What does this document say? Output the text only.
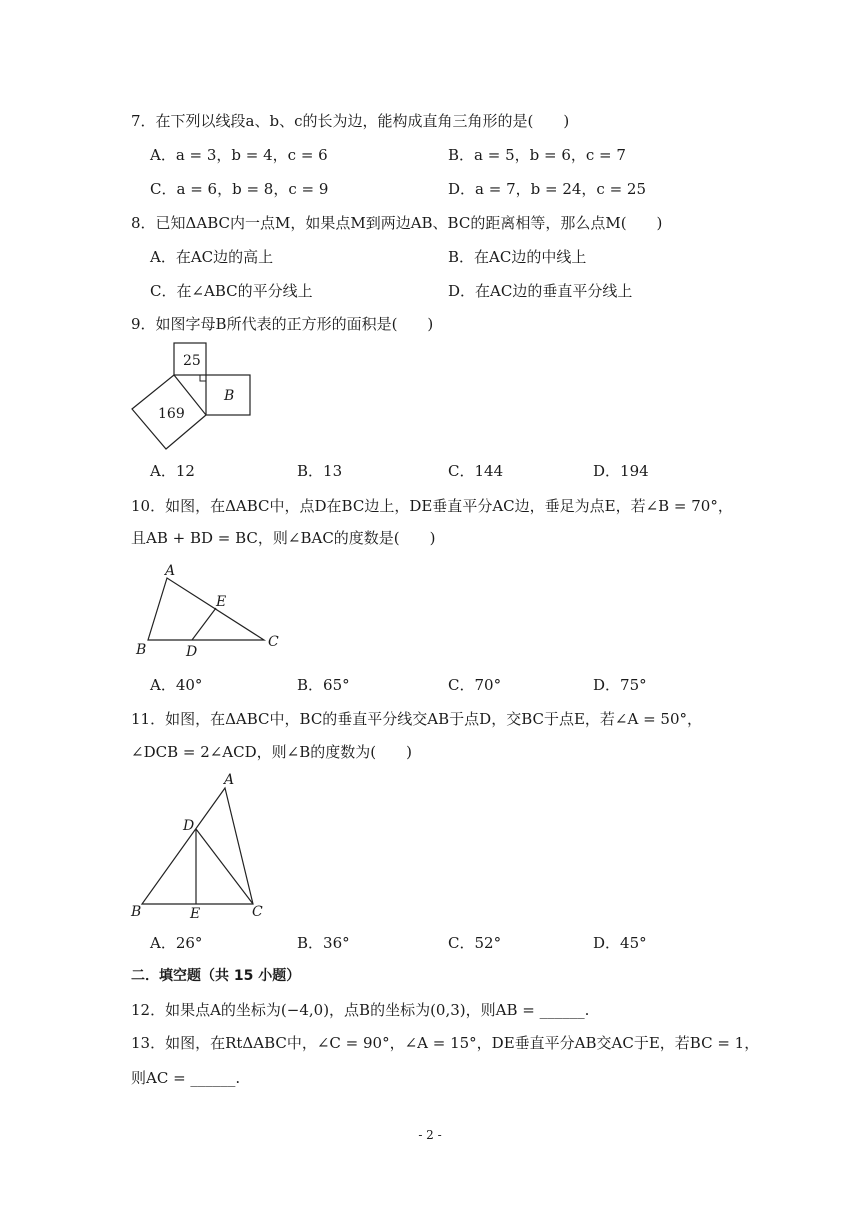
7．在下列以线段a、b、c的长为边，能构成直角三角形的是(　　)
A．a = 3，b = 4，c = 6	B．a = 5，b = 6，c = 7
C．a = 6，b = 8，c = 9	D．a = 7，b = 24，c = 25
8．已知ΔABC内一点M，如果点M到两边AB、BC的距离相等，那么点M(　　)
A．在AC边的高上	B．在AC边的中线上
C．在∠ABC的平分线上	D．在AC边的垂直平分线上
9．如图字母B所代表的正方形的面积是(　　)
25
B
169
A．12	B．13	C．144	D．194
10．如图，在ΔABC中，点D在BC边上，DE垂直平分AC边，垂足为点E，若∠B = 70°，
且AB + BD = BC，则∠BAC的度数是(　　)
A
B	C
D
E
A．40°	B．65°	C．70°	D．75°
11．如图，在ΔABC中，BC的垂直平分线交AB于点D，交BC于点E，若∠A = 50°，
∠DCB = 2∠ACD，则∠B的度数为(　　)
A
D
B	E	C
A．26°	B．36°	C．52°	D．45°
二．填空题（共 15 小题）
12．如果点A的坐标为(−4,0)，点B的坐标为(0,3)，则AB = ______.
13．如图，在RtΔABC中，∠C = 90°，∠A = 15°，DE垂直平分AB交AC于E，若BC = 1，
则AC = ______.
- 2 -
